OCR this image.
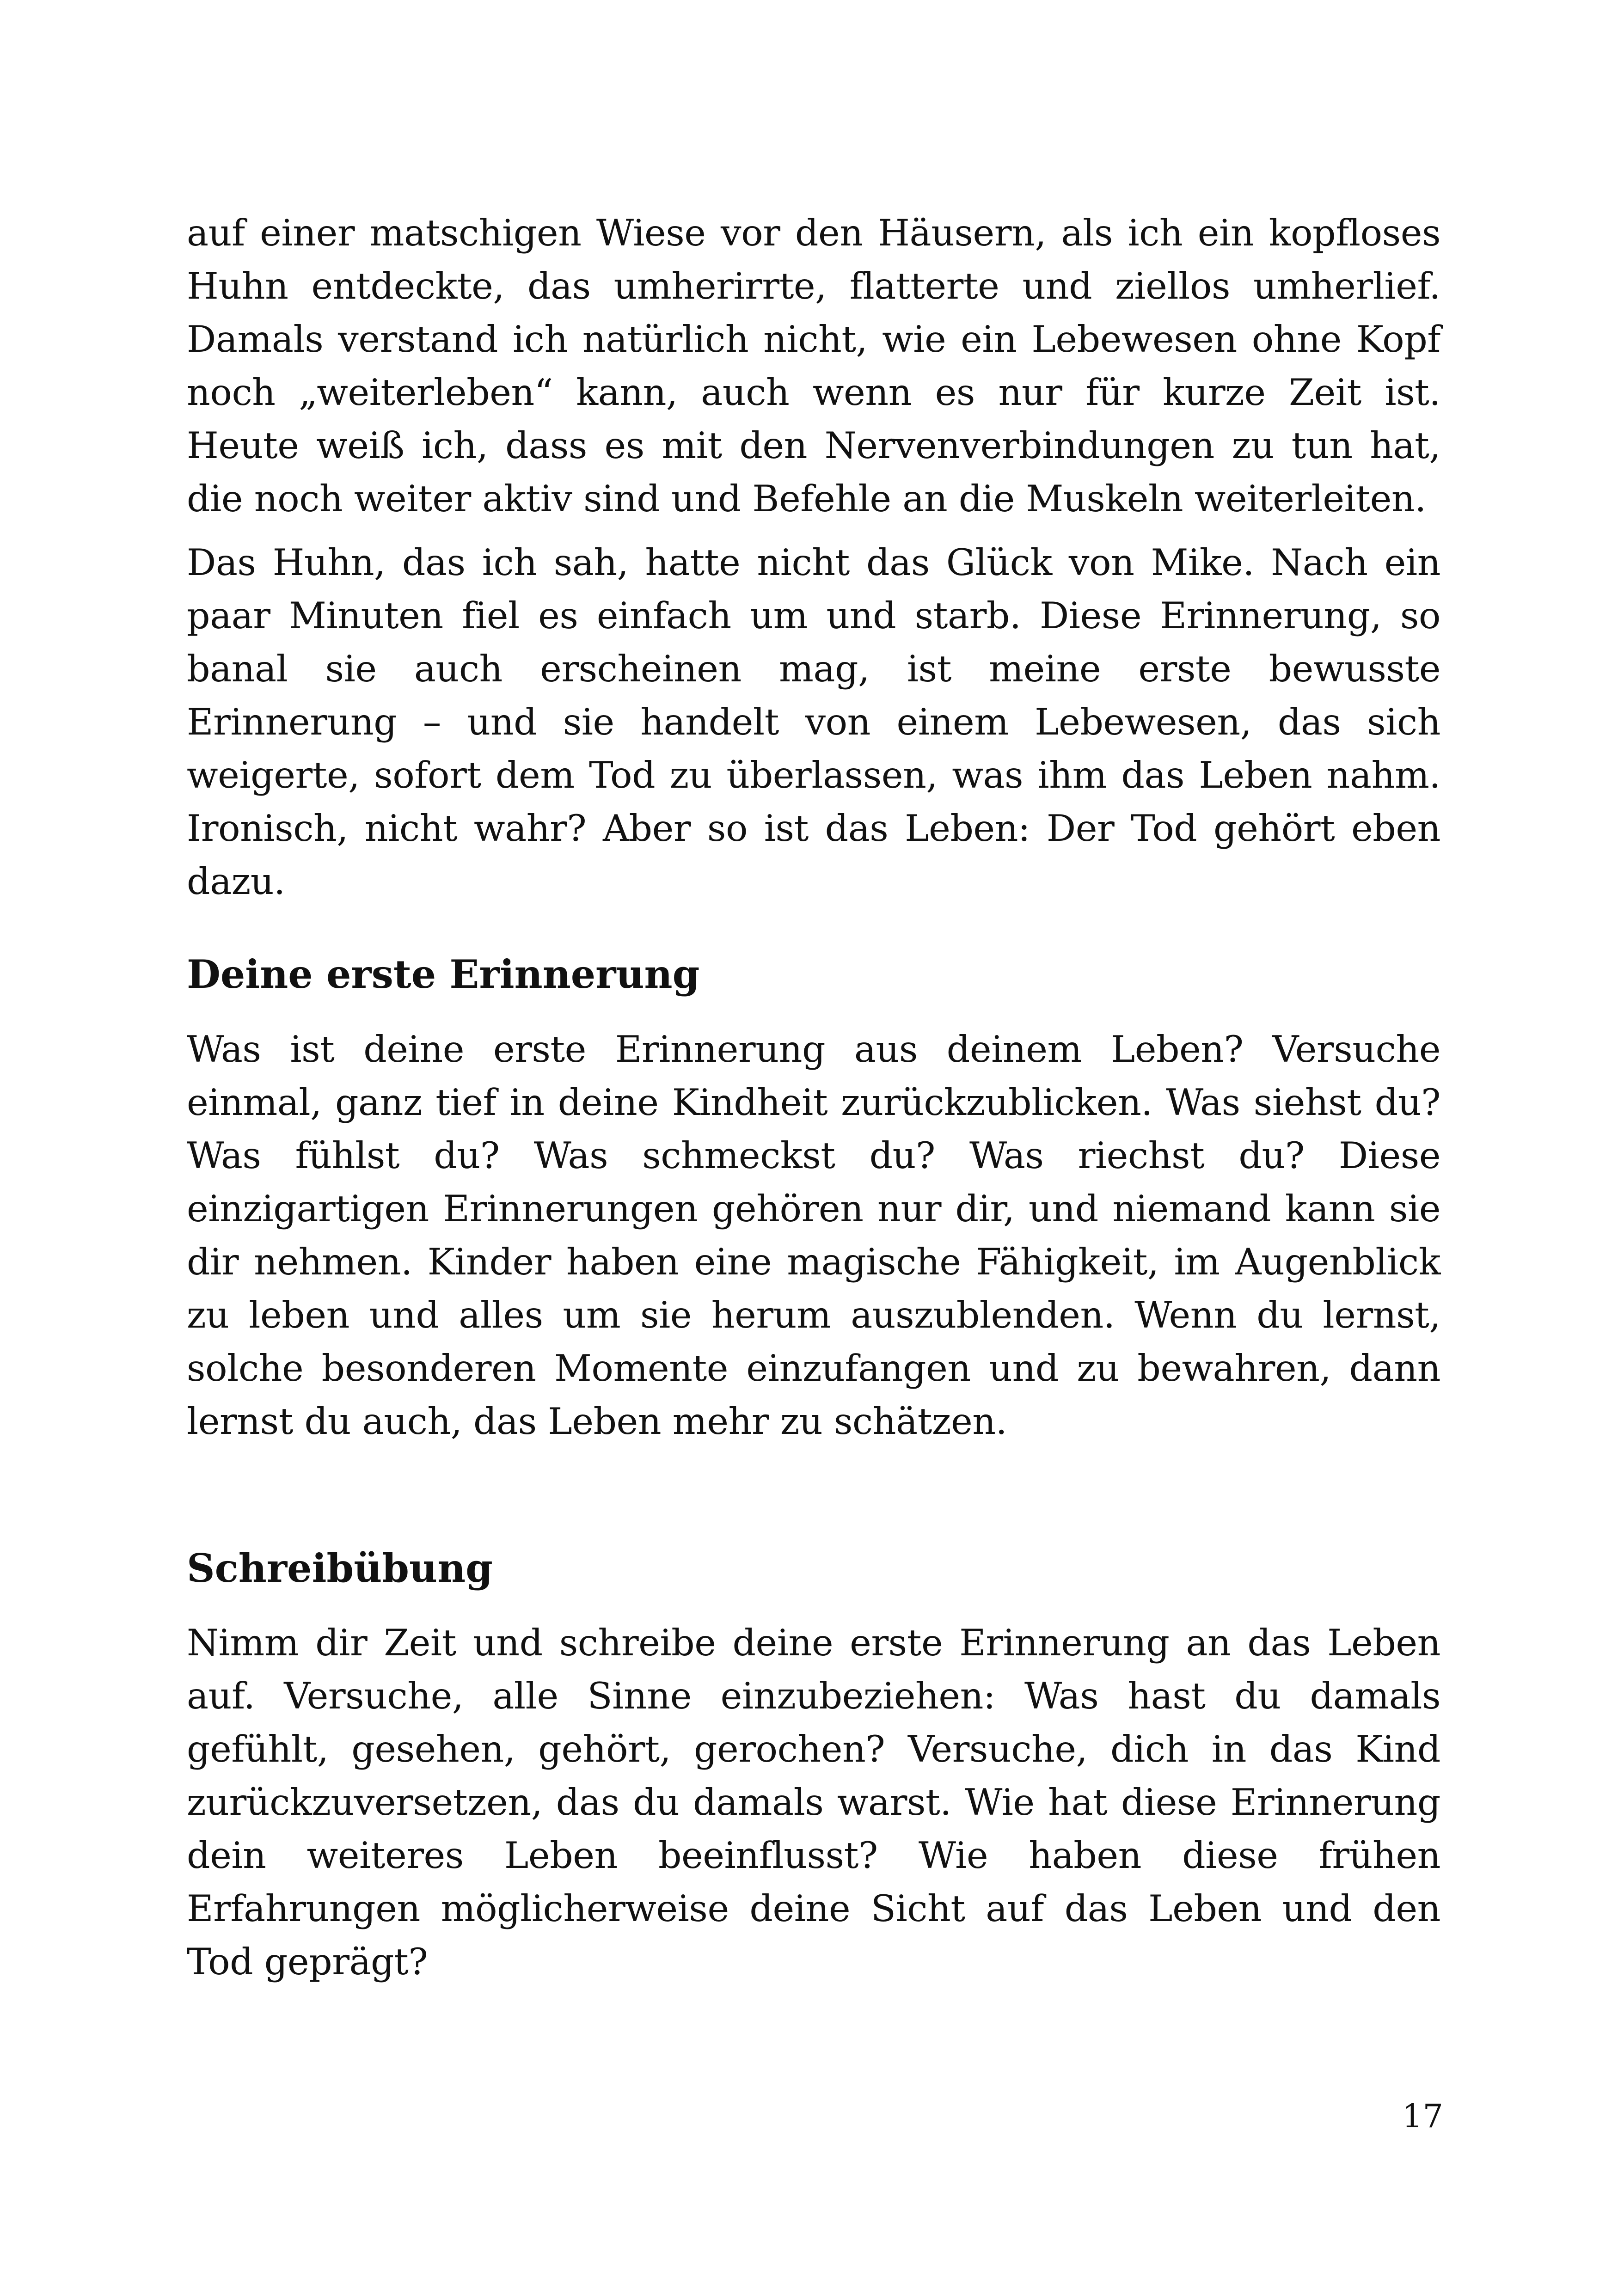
auf einer matschigen Wiese vor den Häusern, als ich ein kopfloses Huhn entdeckte, das umherirrte, flatterte und ziellos umherlief. Damals verstand ich natürlich nicht, wie ein Lebewesen ohne Kopf noch „weiterleben“ kann, auch wenn es nur für kurze Zeit ist. Heute weiß ich, dass es mit den Nervenverbindungen zu tun hat, die noch weiter aktiv sind und Befehle an die Muskeln weiterleiten.

Das Huhn, das ich sah, hatte nicht das Glück von Mike. Nach ein paar Minuten fiel es einfach um und starb. Diese Erinnerung, so banal sie auch erscheinen mag, ist meine erste bewusste Erinnerung – und sie handelt von einem Lebewesen, das sich weigerte, sofort dem Tod zu überlassen, was ihm das Leben nahm. Ironisch, nicht wahr? Aber so ist das Leben: Der Tod gehört eben dazu.

Deine erste Erinnerung

Was ist deine erste Erinnerung aus deinem Leben? Versuche einmal, ganz tief in deine Kindheit zurückzublicken. Was siehst du? Was fühlst du? Was schmeckst du? Was riechst du? Diese einzigartigen Erinnerungen gehören nur dir, und niemand kann sie dir nehmen. Kinder haben eine magische Fähigkeit, im Augenblick zu leben und alles um sie herum auszublenden. Wenn du lernst, solche besonderen Momente einzufangen und zu bewahren, dann lernst du auch, das Leben mehr zu schätzen.

Schreibübung

Nimm dir Zeit und schreibe deine erste Erinnerung an das Leben auf. Versuche, alle Sinne einzubeziehen: Was hast du damals gefühlt, gesehen, gehört, gerochen? Versuche, dich in das Kind zurückzuversetzen, das du damals warst. Wie hat diese Erinnerung dein weiteres Leben beeinflusst? Wie haben diese frühen Erfahrungen möglicherweise deine Sicht auf das Leben und den Tod geprägt?

17
